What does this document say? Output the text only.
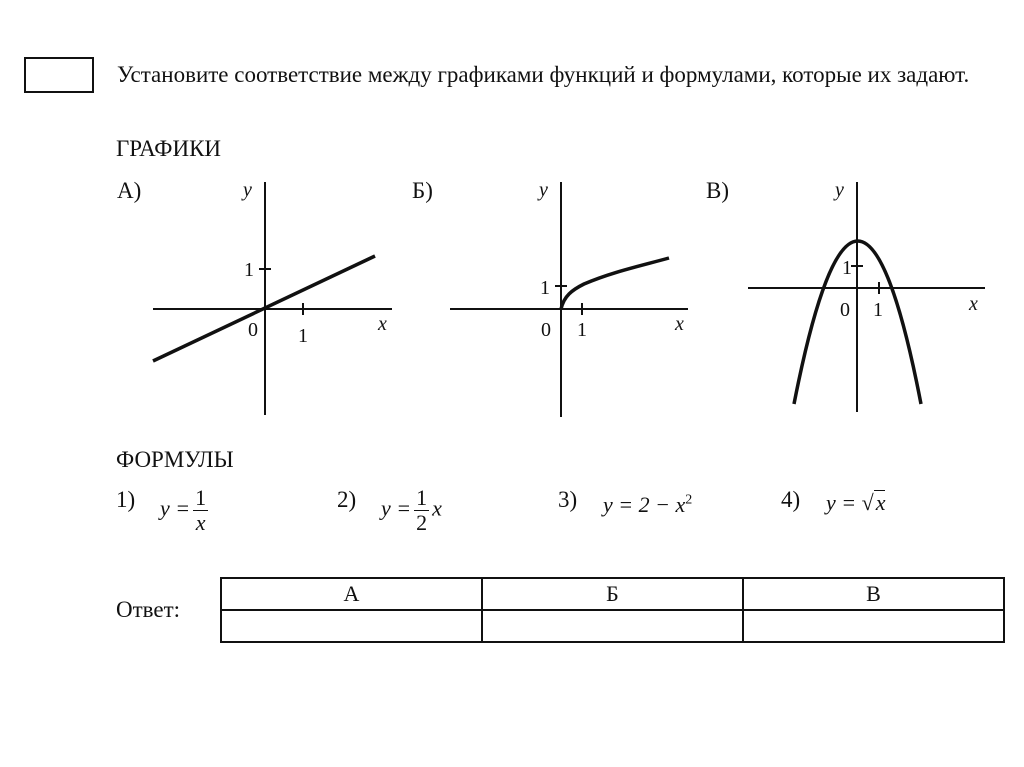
Установите соответствие между графиками функций и формулами, которые их задают.
ГРАФИКИ
А)	Б)	В)
y
x
1
0 1
y
x
1
0 1
y
x
1
0 1
ФОРМУЛЫ
1) $y = \frac{1}{x}$	2) $y = \frac{1}{2}$ x	3) $y = 2 - x^2$	4) y = √x
Ответ:
А	Б	В
